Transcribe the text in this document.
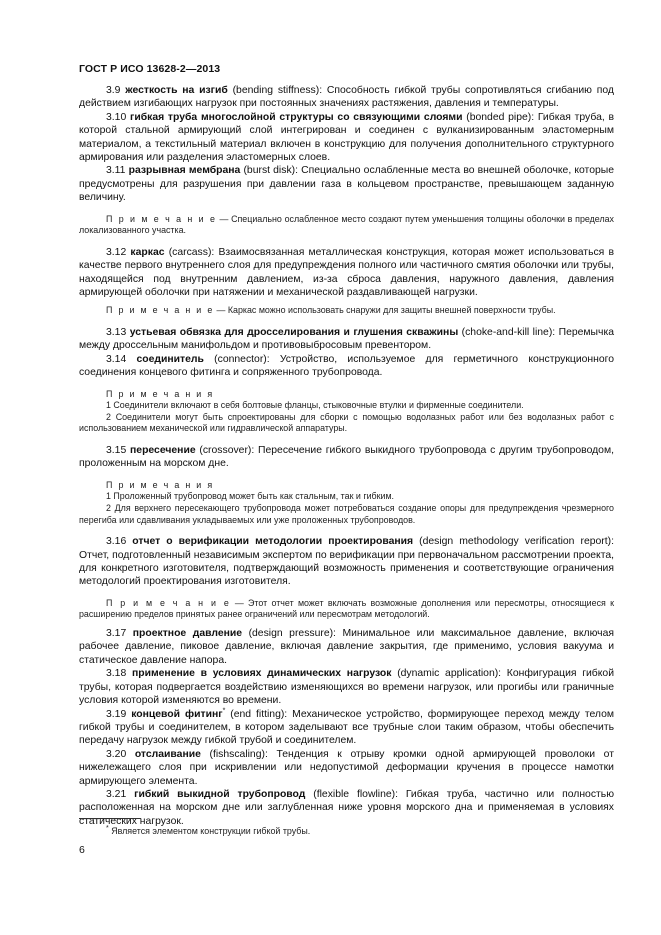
ГОСТ Р ИСО 13628-2—2013

3.9 жесткость на изгиб (bending stiffness): Способность гибкой трубы сопротивляться сгибанию под действием изгибающих нагрузок при постоянных значениях растяжения, давления и температуры.

3.10 гибкая труба многослойной структуры со связующими слоями (bonded pipe): Гибкая труба, в которой стальной армирующий слой интегрирован и соединен с вулканизированным эластомерным материалом, а текстильный материал включен в конструкцию для получения дополнительного структурного армирования или разделения эластомерных слоев.

3.11 разрывная мембрана (burst disk): Специально ослабленные места во внешней оболочке, которые предусмотрены для разрушения при давлении газа в кольцевом пространстве, превышающем заданную величину.

П р и м е ч а н и е — Специально ослабленное место создают путем уменьшения толщины оболочки в пределах локализованного участка.

3.12 каркас (carcass): Взаимосвязанная металлическая конструкция, которая может использоваться в качестве первого внутреннего слоя для предупреждения полного или частичного смятия оболочки или трубы, находящейся под внутренним давлением, из-за сброса давления, наружного давления, давления армирующей оболочки при натяжении и механической раздавливающей нагрузки.

П р и м е ч а н и е — Каркас можно использовать снаружи для защиты внешней поверхности трубы.

3.13 устьевая обвязка для дросселирования и глушения скважины (choke-and-kill line): Перемычка между дроссельным манифольдом и противовыбросовым превентором.

3.14 соединитель (connector): Устройство, используемое для герметичного конструкционного соединения концевого фитинга и сопряженного трубопровода.

П р и м е ч а н и я

1 Соединители включают в себя болтовые фланцы, стыковочные втулки и фирменные соединители.

2 Соединители могут быть спроектированы для сборки с помощью водолазных работ или без водолазных работ с использованием механической или гидравлической аппаратуры.

3.15 пересечение (crossover): Пересечение гибкого выкидного трубопровода с другим трубопроводом, проложенным на морском дне.

П р и м е ч а н и я

1 Проложенный трубопровод может быть как стальным, так и гибким.

2 Для верхнего пересекающего трубопровода может потребоваться создание опоры для предупреждения чрезмерного перегиба или сдавливания укладываемых или уже проложенных трубопроводов.

3.16 отчет о верификации методологии проектирования (design methodology verification report): Отчет, подготовленный независимым экспертом по верификации при первоначальном рассмотрении проекта, для конкретного изготовителя, подтверждающий возможность применения и соответствующие ограничения методологий проектирования изготовителя.

П р и м е ч а н и е — Этот отчет может включать возможные дополнения или пересмотры, относящиеся к расширению пределов принятых ранее ограничений или пересмотрам методологий.

3.17 проектное давление (design pressure): Минимальное или максимальное давление, включая рабочее давление, пиковое давление, включая давление закрытия, где применимо, условия вакуума и статическое давление напора.

3.18 применение в условиях динамических нагрузок (dynamic application): Конфигурация гибкой трубы, которая подвергается воздействию изменяющихся во времени нагрузок, или прогибы или граничные условия которой изменяются во времени.

3.19 концевой фитинг* (end fitting): Механическое устройство, формирующее переход между телом гибкой трубы и соединителем, в котором заделывают все трубные слои таким образом, чтобы обеспечить передачу нагрузок между гибкой трубой и соединителем.

3.20 отслаивание (fishscaling): Тенденция к отрыву кромки одной армирующей проволоки от нижележащего слоя при искривлении или недопустимой деформации кручения в процессе намотки армирующего элемента.

3.21 гибкий выкидной трубопровод (flexible flowline): Гибкая труба, частично или полностью расположенная на морском дне или заглубленная ниже уровня морского дна и применяемая в условиях статических нагрузок.

* Является элементом конструкции гибкой трубы.

6
